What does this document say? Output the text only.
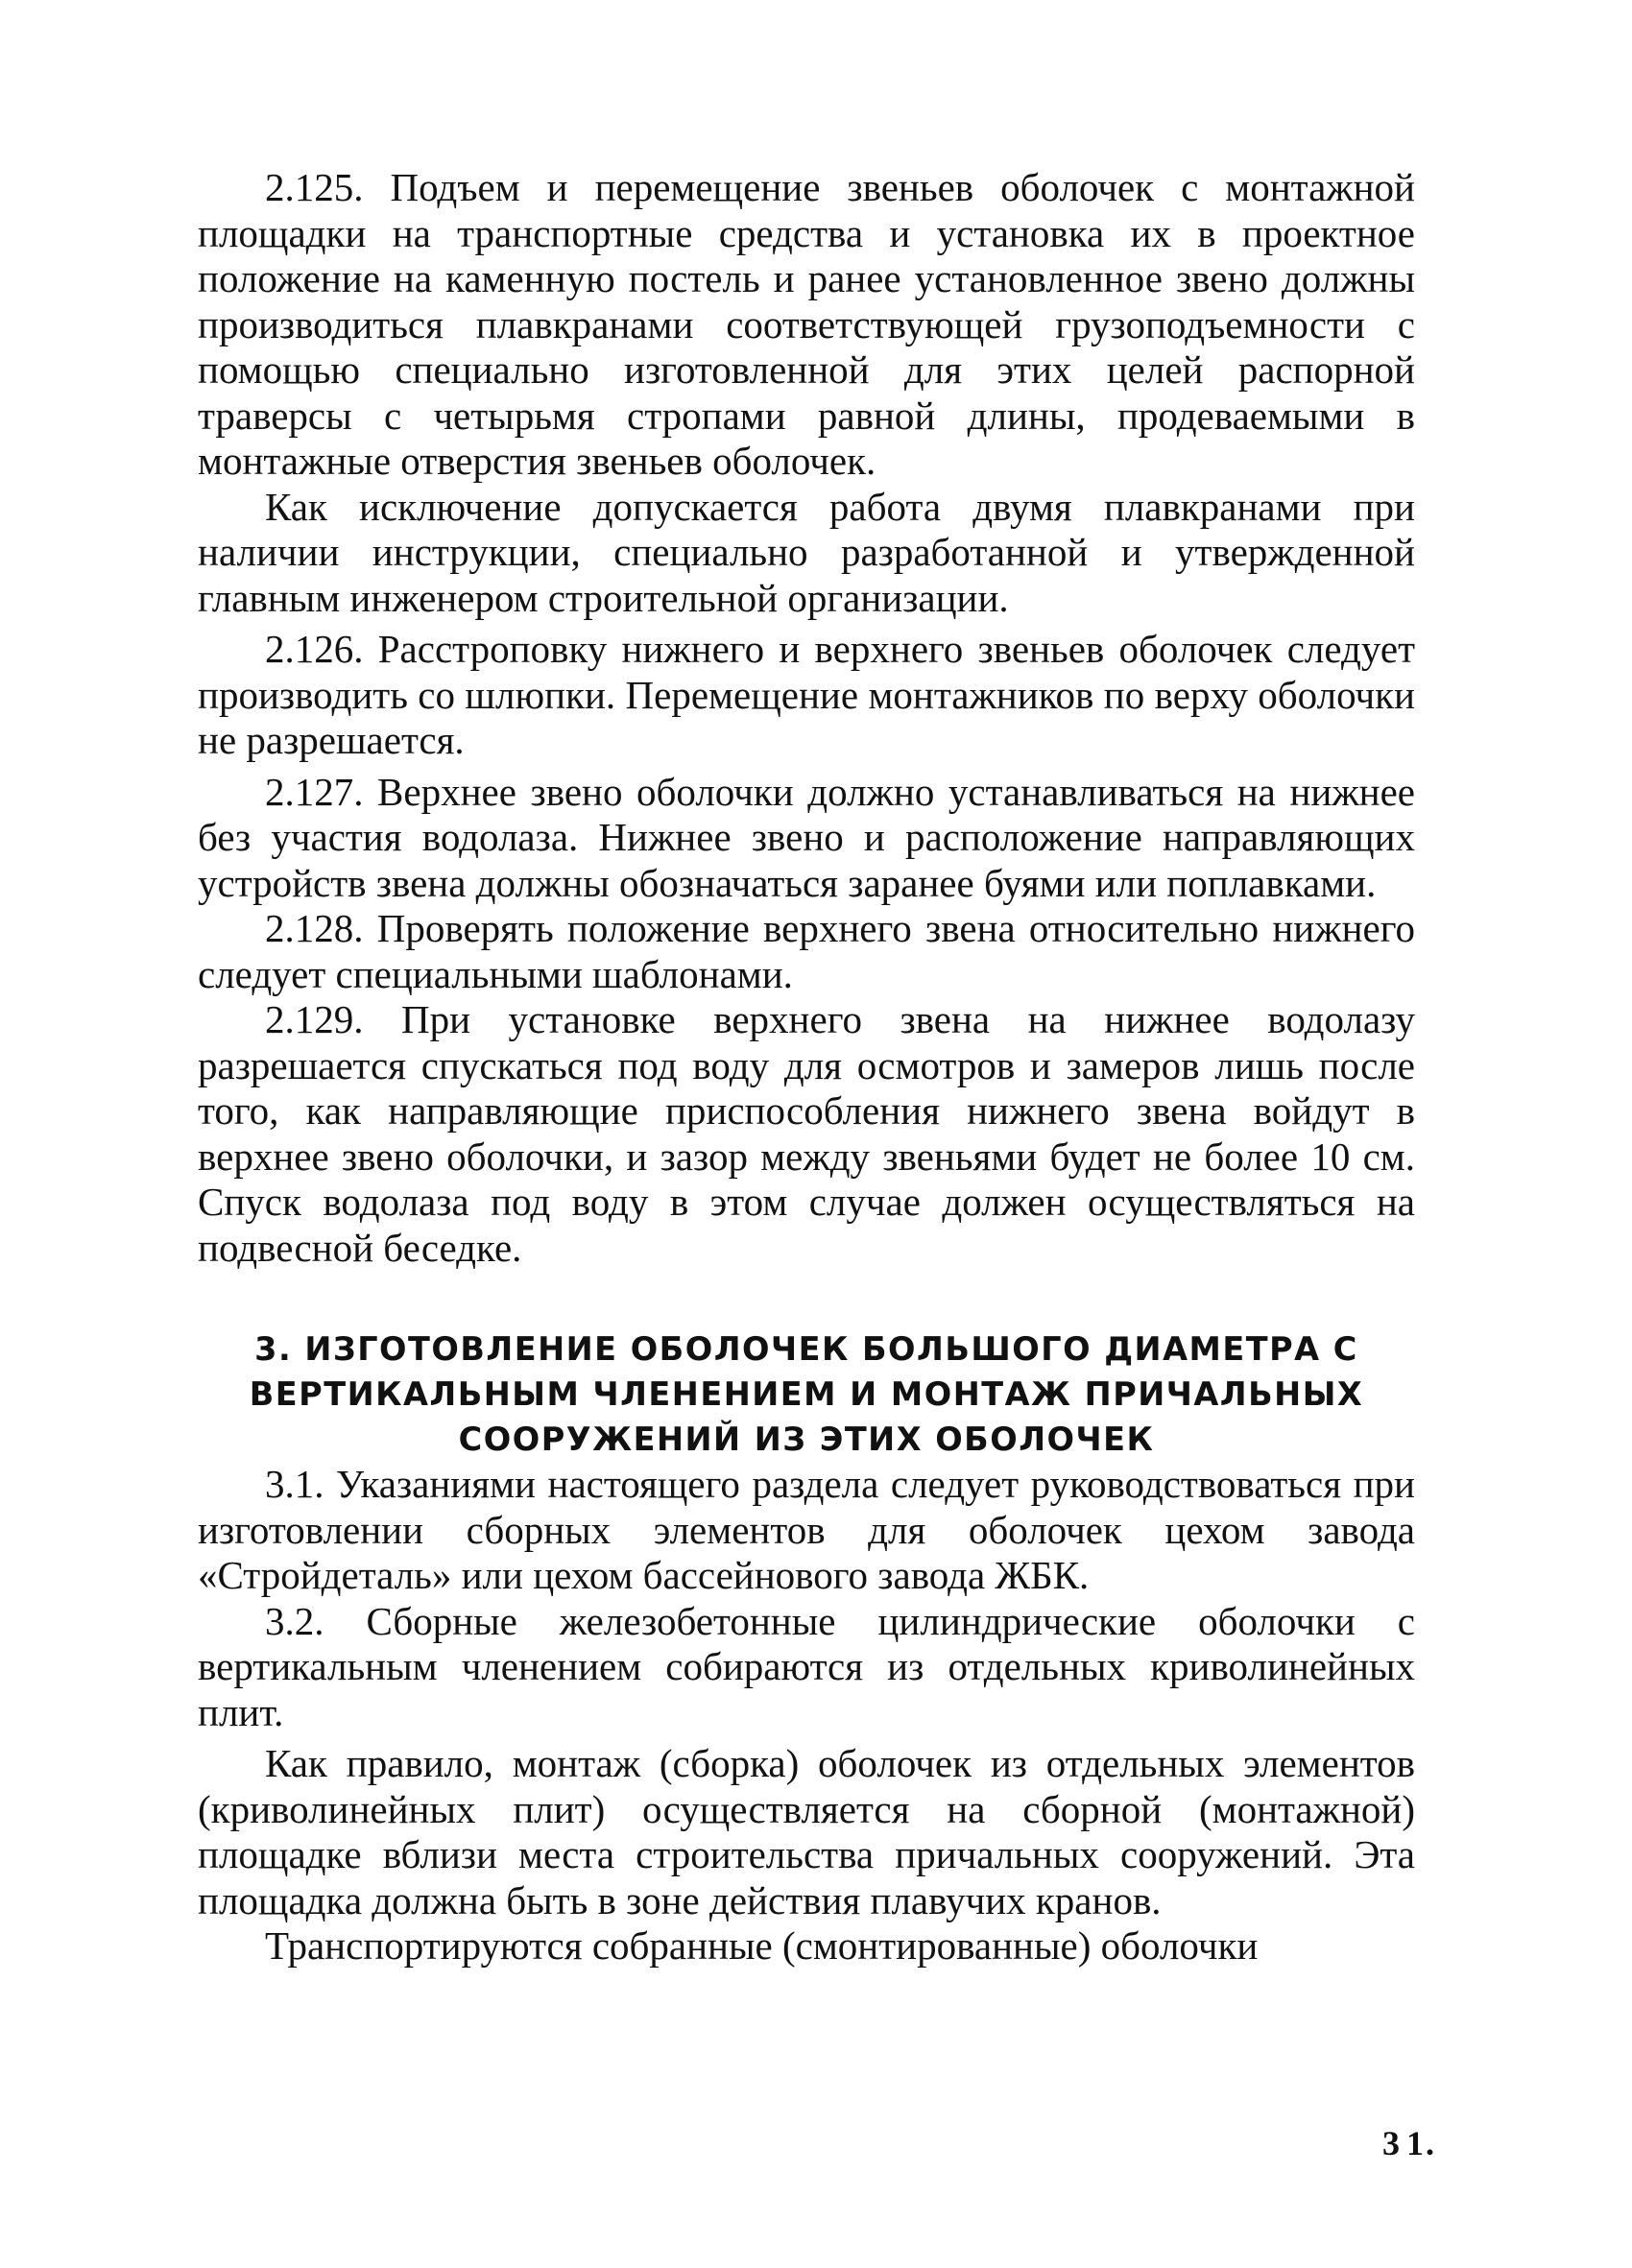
2.125. Подъем и перемещение звеньев оболочек с монтажной площадки на транспортные средства и установка их в проектное положение на каменную постель и ранее установленное звено должны производиться плавкранами соответствующей грузоподъемности с помощью специально изготовленной для этих целей распорной траверсы с четырьмя стропами равной длины, продеваемыми в монтажные отверстия звеньев оболочек.

Как исключение допускается работа двумя плавкранами при наличии инструкции, специально разработанной и утвержденной главным инженером строительной организации.

2.126. Расстроповку нижнего и верхнего звеньев оболочек следует производить со шлюпки. Перемещение монтажников по верху оболочки не разрешается.

2.127. Верхнее звено оболочки должно устанавливаться на нижнее без участия водолаза. Нижнее звено и расположение направляющих устройств звена должны обозначаться заранее буями или поплавками.

2.128. Проверять положение верхнего звена относительно нижнего следует специальными шаблонами.

2.129. При установке верхнего звена на нижнее водолазу разрешается спускаться под воду для осмотров и замеров лишь после того, как направляющие приспособления нижнего звена войдут в верхнее звено оболочки, и зазор между звеньями будет не более 10 см. Спуск водолаза под воду в этом случае должен осуществляться на подвесной беседке.

3. ИЗГОТОВЛЕНИЕ ОБОЛОЧЕК БОЛЬШОГО ДИАМЕТРА С ВЕРТИКАЛЬНЫМ ЧЛЕНЕНИЕМ И МОНТАЖ ПРИЧАЛЬНЫХ СООРУЖЕНИЙ ИЗ ЭТИХ ОБОЛОЧЕК

3.1. Указаниями настоящего раздела следует руководствоваться при изготовлении сборных элементов для оболочек цехом завода «Стройдеталь» или цехом бассейнового завода ЖБК.

3.2. Сборные железобетонные цилиндрические оболочки с вертикальным членением собираются из отдельных криволинейных плит.

Как правило, монтаж (сборка) оболочек из отдельных элементов (криволинейных плит) осуществляется на сборной (монтажной) площадке вблизи места строительства причальных сооружений. Эта площадка должна быть в зоне действия плавучих кранов.

Транспортируются собранные (смонтированные) оболочки

3 1.
